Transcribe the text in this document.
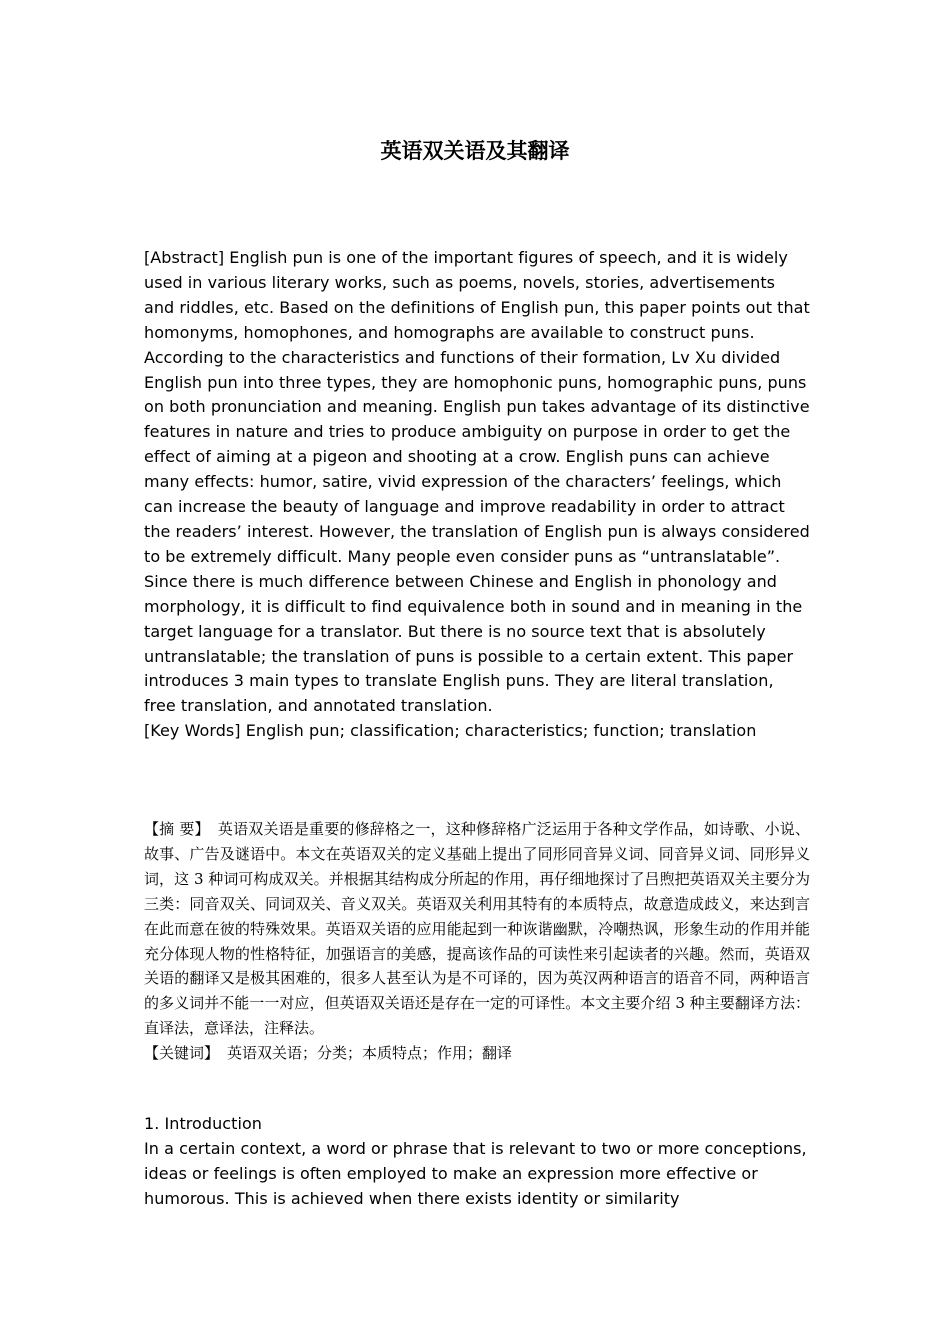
英语双关语及其翻译

[Abstract] English pun is one of the important figures of speech, and it is widely used in various literary works, such as poems, novels, stories, advertisements and riddles, etc. Based on the definitions of English pun, this paper points out that homonyms, homophones, and homographs are available to construct puns. According to the characteristics and functions of their formation, Lv Xu divided English pun into three types, they are homophonic puns, homographic puns, puns on both pronunciation and meaning. English pun takes advantage of its distinctive features in nature and tries to produce ambiguity on purpose in order to get the effect of aiming at a pigeon and shooting at a crow. English puns can achieve many effects: humor, satire, vivid expression of the characters’ feelings, which can increase the beauty of language and improve readability in order to attract the readers’ interest. However, the translation of English pun is always considered to be extremely difficult. Many people even consider puns as “untranslatable”. Since there is much difference between Chinese and English in phonology and morphology, it is difficult to find equivalence both in sound and in meaning in the target language for a translator. But there is no source text that is absolutely untranslatable; the translation of puns is possible to a certain extent. This paper introduces 3 main types to translate English puns. They are literal translation, free translation, and annotated translation.

[Key Words] English pun; classification; characteristics; function; translation

【摘 要】 英语双关语是重要的修辞格之一，这种修辞格广泛运用于各种文学作品，如诗歌、小说、故事、广告及谜语中。本文在英语双关的定义基础上提出了同形同音异义词、同音异义词、同形异义词，这 3 种词可构成双关。并根据其结构成分所起的作用，再仔细地探讨了吕煦把英语双关主要分为三类：同音双关、同词双关、音义双关。英语双关利用其特有的本质特点，故意造成歧义，来达到言在此而意在彼的特殊效果。英语双关语的应用能起到一种诙谐幽默，冷嘲热讽，形象生动的作用并能充分体现人物的性格特征，加强语言的美感，提高该作品的可读性来引起读者的兴趣。然而，英语双关语的翻译又是极其困难的，很多人甚至认为是不可译的，因为英汉两种语言的语音不同，两种语言的多义词并不能一一对应，但英语双关语还是存在一定的可译性。本文主要介绍 3 种主要翻译方法：直译法，意译法，注释法。

【关键词】 英语双关语；分类；本质特点；作用；翻译

1. Introduction

In a certain context, a word or phrase that is relevant to two or more conceptions, ideas or feelings is often employed to make an expression more effective or humorous. This is achieved when there exists identity or similarity
